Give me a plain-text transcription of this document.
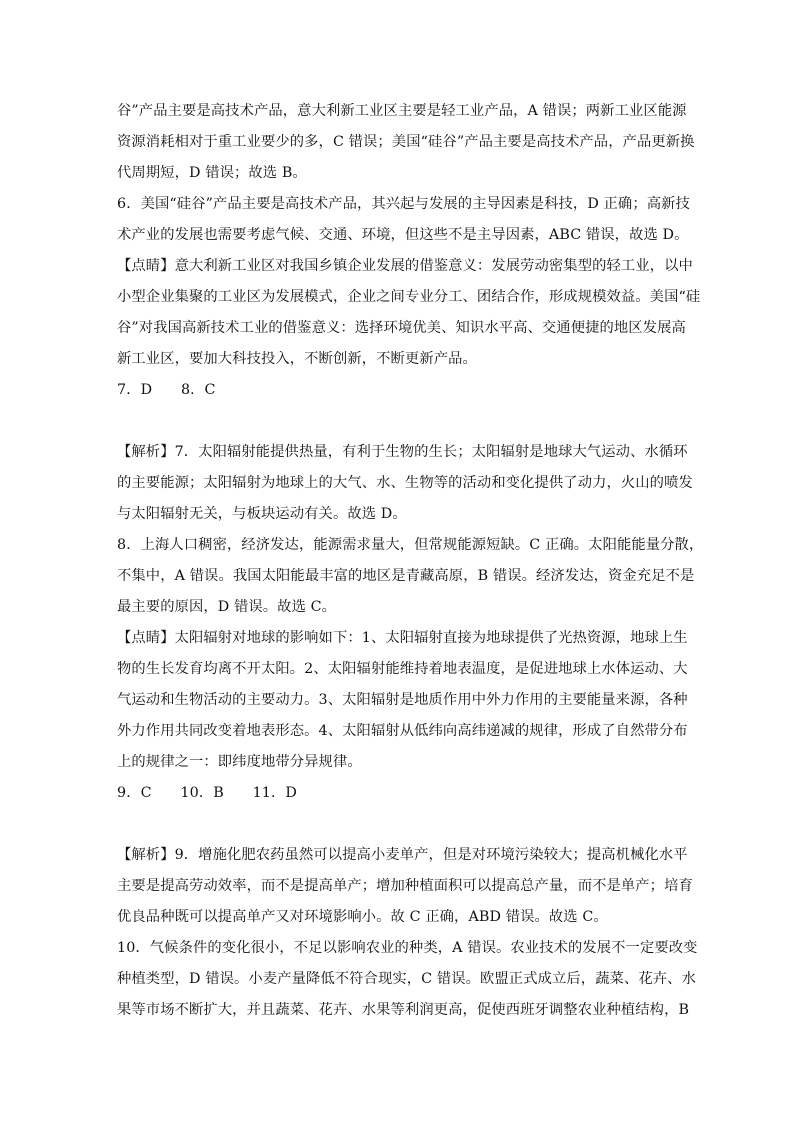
谷”产品主要是高技术产品，意大利新工业区主要是轻工业产品，A 错误；两新工业区能源
资源消耗相对于重工业要少的多，C 错误；美国“硅谷”产品主要是高技术产品，产品更新换
代周期短，D 错误；故选 B。
6．美国“硅谷”产品主要是高技术产品，其兴起与发展的主导因素是科技，D 正确；高新技
术产业的发展也需要考虑气候、交通、环境，但这些不是主导因素，ABC 错误，故选 D。
【点睛】意大利新工业区对我国乡镇企业发展的借鉴意义：发展劳动密集型的轻工业，以中
小型企业集聚的工业区为发展模式，企业之间专业分工、团结合作，形成规模效益。美国“硅
谷”对我国高新技术工业的借鉴意义：选择环境优美、知识水平高、交通便捷的地区发展高
新工业区，要加大科技投入，不断创新，不断更新产品。
7．D　　8．C
【解析】7．太阳辐射能提供热量，有利于生物的生长；太阳辐射是地球大气运动、水循环
的主要能源；太阳辐射为地球上的大气、水、生物等的活动和变化提供了动力，火山的喷发
与太阳辐射无关，与板块运动有关。故选 D。
8．上海人口稠密，经济发达，能源需求量大，但常规能源短缺。C 正确。太阳能能量分散，
不集中，A 错误。我国太阳能最丰富的地区是青藏高原，B 错误。经济发达，资金充足不是
最主要的原因，D 错误。故选 C。
【点睛】太阳辐射对地球的影响如下：1、太阳辐射直接为地球提供了光热资源，地球上生
物的生长发育均离不开太阳。2、太阳辐射能维持着地表温度，是促进地球上水体运动、大
气运动和生物活动的主要动力。3、太阳辐射是地质作用中外力作用的主要能量来源，各种
外力作用共同改变着地表形态。4、太阳辐射从低纬向高纬递减的规律，形成了自然带分布
上的规律之一：即纬度地带分异规律。
9．C　　10．B　　11．D
【解析】9．增施化肥农药虽然可以提高小麦单产，但是对环境污染较大；提高机械化水平
主要是提高劳动效率，而不是提高单产；增加种植面积可以提高总产量，而不是单产；培育
优良品种既可以提高单产又对环境影响小。故 C 正确，ABD 错误。故选 C。
10．气候条件的变化很小，不足以影响农业的种类，A 错误。农业技术的发展不一定要改变
种植类型，D 错误。小麦产量降低不符合现实，C 错误。欧盟正式成立后，蔬菜、花卉、水
果等市场不断扩大，并且蔬菜、花卉、水果等利润更高，促使西班牙调整农业种植结构，B
